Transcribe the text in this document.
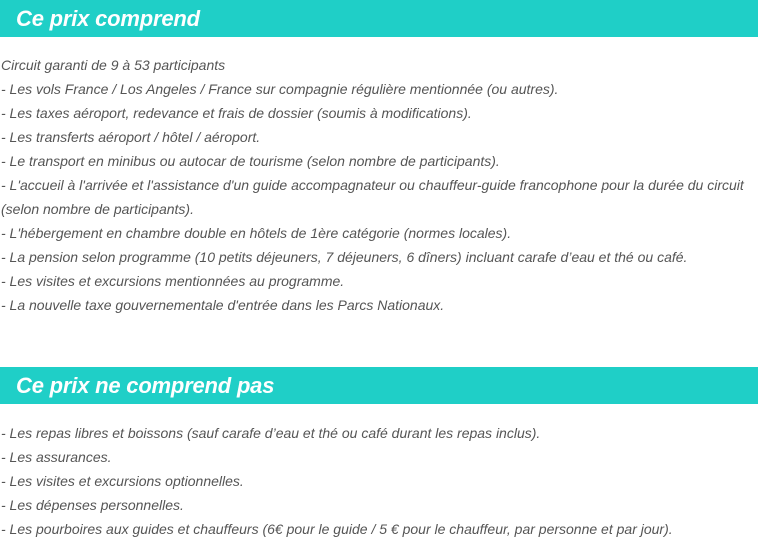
Ce prix comprend
Circuit garanti de 9 à 53 participants
- Les vols France / Los Angeles / France sur compagnie régulière mentionnée (ou autres).
- Les taxes aéroport, redevance et frais de dossier (soumis à modifications).
- Les transferts aéroport / hôtel / aéroport.
- Le transport en minibus ou autocar de tourisme (selon nombre de participants).
- L'accueil à l'arrivée et l'assistance d'un guide accompagnateur ou chauffeur-guide francophone pour la durée du circuit (selon nombre de participants).
- L'hébergement en chambre double en hôtels de 1ère catégorie (normes locales).
- La pension selon programme (10 petits déjeuners, 7 déjeuners, 6 dîners) incluant carafe d’eau et thé ou café.
- Les visites et excursions mentionnées au programme.
- La nouvelle taxe gouvernementale d'entrée dans les Parcs Nationaux.
Ce prix ne comprend pas
- Les repas libres et boissons (sauf carafe d’eau et thé ou café durant les repas inclus).
- Les assurances.
- Les visites et excursions optionnelles.
- Les dépenses personnelles.
- Les pourboires aux guides et chauffeurs (6€ pour le guide / 5 € pour le chauffeur, par personne et par jour).
